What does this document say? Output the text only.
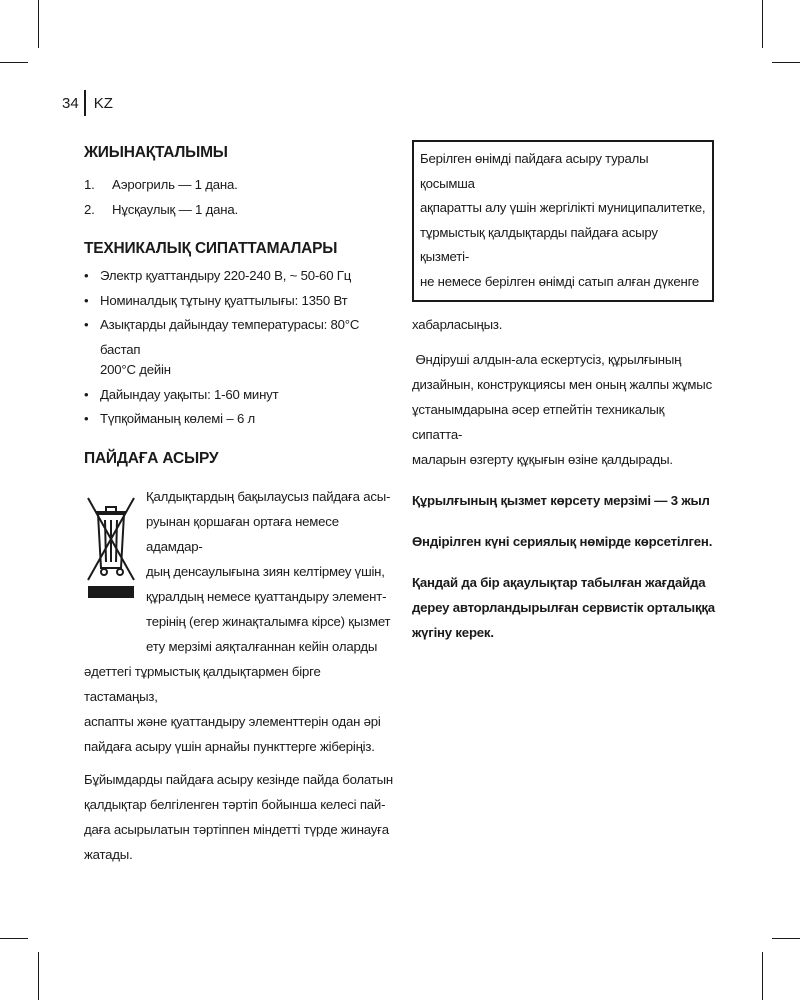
34 KZ
ЖИЫНАҚТАЛЫМЫ
1.	Аэрогриль — 1 дана.
2.	Нұсқаулық — 1 дана.
ТЕХНИКАЛЫҚ СИПАТТАМАЛАРЫ
• Электр қуаттандыру 220-240 В, ~ 50-60 Гц
• Номиналдық тұтыну қуаттылығы: 1350 Вт
• Азықтарды дайындау температурасы: 80°С бастап
200°С дейін
• Дайындау уақыты: 1-60 минут
• Түпқойманың көлемі – 6 л
ПАЙДАҒА АСЫРУ

Қалдықтардың бақылаусыз пайдаға асы-

руынан қоршаған ортаға немесе адамдар-

дың денсаулығына зиян келтірмеу үшін,

құралдың немесе қуаттандыру элемент-

терінің (егер жинақталымға кірсе) қызмет

ету мерзімі аяқталғаннан кейін оларды

әдеттегі тұрмыстық қалдықтармен бірге тастамаңыз,

аспапты және қуаттандыру элементтерін одан әрі

пайдаға асыру үшін арнайы пункттерге жіберіңіз.

Бұйымдарды пайдаға асыру кезінде пайда болатын

қалдықтар белгіленген тәртіп бойынша келесі пай-

даға асырылатын тәртіппен міндетті түрде жинауға

жатады.

Берілген өнімді пайдаға асыру туралы қосымша

ақпаратты алу үшін жергілікті муниципалитетке,

тұрмыстық қалдықтарды пайдаға асыру қызметі-

не немесе берілген өнімді сатып алған дүкенге

хабарласыңыз.

Өндіруші алдын-ала ескертусіз, құрылғының

дизайнын, конструкциясы мен оның жалпы жұмыс

ұстанымдарына әсер етпейтін техникалық сипатта-

маларын өзгерту құқығын өзіне қалдырады.

Құрылғының қызмет көрсету мерзімі — 3 жыл

Өндірілген күні сериялық нөмірде көрсетілген.

Қандай да бір ақаулықтар табылған жағдайда

дереу авторландырылған сервистік орталыққа

жүгіну керек.
